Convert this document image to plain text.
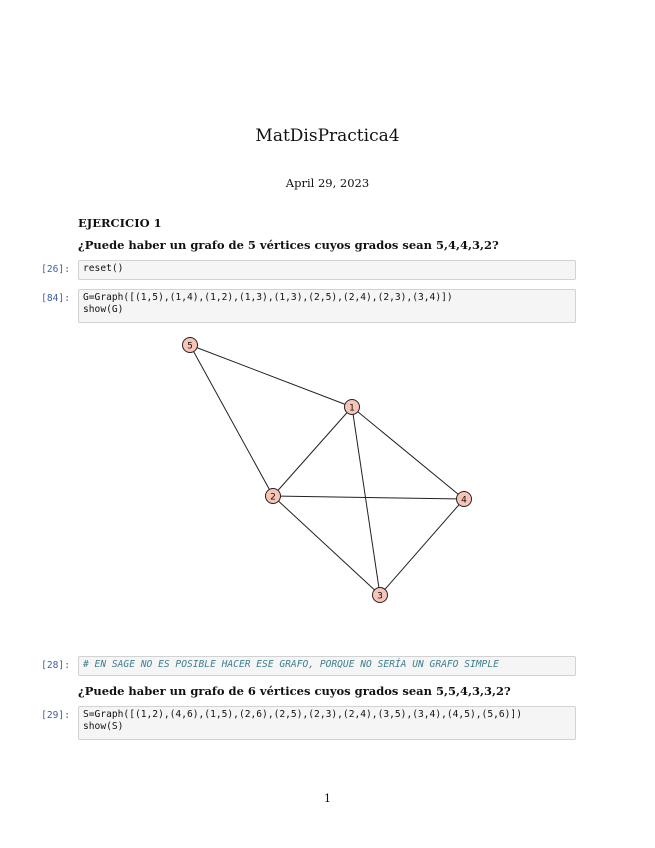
MatDisPractica4
April 29, 2023
EJERCICIO 1
¿Puede haber un grafo de 5 vértices cuyos grados sean 5,4,4,3,2?
[26]:	reset()
[84]:	G=Graph([(1,5),(1,4),(1,2),(1,3),(1,3),(2,5),(2,4),(2,3),(3,4)])
show(G)
1
2
3
4
5
[28]:	# EN SAGE NO ES POSIBLE HACER ESE GRAFO, PORQUE NO SERÍA UN GRAFO SIMPLE
¿Puede haber un grafo de 6 vértices cuyos grados sean 5,5,4,3,3,2?
[29]:	S=Graph([(1,2),(4,6),(1,5),(2,6),(2,5),(2,3),(2,4),(3,5),(3,4),(4,5),(5,6)])
show(S)
1
